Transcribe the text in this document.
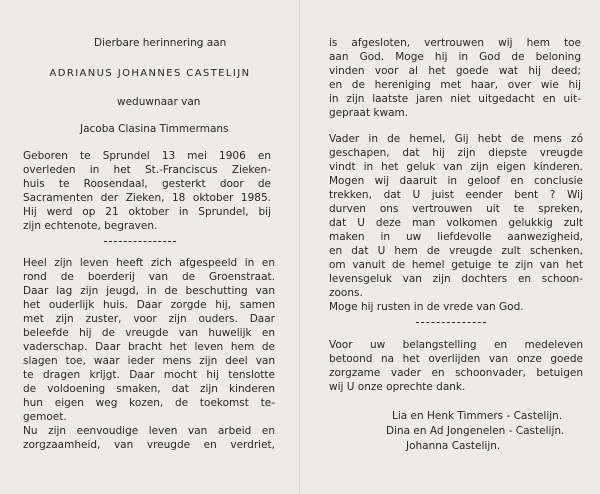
Dierbare herinnering aan
ADRIANUS JOHANNES CASTELIJN
weduwnaar van
Jacoba Clasina Timmermans
Geboren te Sprundel 13 mei 1906 en
overleden in het St.-Franciscus Zieken-
huis te Roosendaal, gesterkt door de
Sacramenten der Zieken, 18 oktober 1985.
Hij werd op 21 oktober in Sprundel, bij
zijn echtenote, begraven.
Heel zijn leven heeft zich afgespeeld in en
rond de boerderij van de Groenstraat.
Daar lag zijn jeugd, in de beschutting van
het ouderlijk huis. Daar zorgde hij, samen
met zijn zuster, voor zijn ouders. Daar
beleefde hij de vreugde van huwelijk en
vaderschap. Daar bracht het leven hem de
slagen toe, waar ieder mens zijn deel van
te dragen krijgt. Daar mocht hij tenslotte
de voldoening smaken, dat zijn kinderen
hun eigen weg kozen, de toekomst te-
gemoet.
Nu zijn eenvoudige leven van arbeid en
zorgzaamheid, van vreugde en verdriet,
is afgesloten, vertrouwen wij hem toe
aan God. Moge hij in God de beloning
vinden voor al het goede wat hij deed;
en de hereniging met haar, over wie hij
in zijn laatste jaren niet uitgedacht en uit-
gepraat kwam.
Vader in de hemel, Gij hebt de mens zó
geschapen, dat hij zijn diepste vreugde
vindt in het geluk van zijn eigen kinderen.
Mogen wij daaruit in geloof en conclusie
trekken, dat U juist eender bent ? Wij
durven ons vertrouwen uit te spreken,
dat U deze man volkomen gelukkig zult
maken in uw liefdevolle aanwezigheid,
en dat U hem de vreugde zult schenken,
om vanuit de hemel getuige te zijn van het
levensgeluk van zijn dochters en schoon-
zoons.
Moge hij rusten in de vrede van God.
Voor uw belangstelling en medeleven
betoond na het overlijden van onze goede
zorgzame vader en schoonvader, betuigen
wij U onze oprechte dank.
Lia en Henk Timmers - Castelijn.
Dina en Ad Jongenelen - Castelijn.
Johanna Castelijn.
